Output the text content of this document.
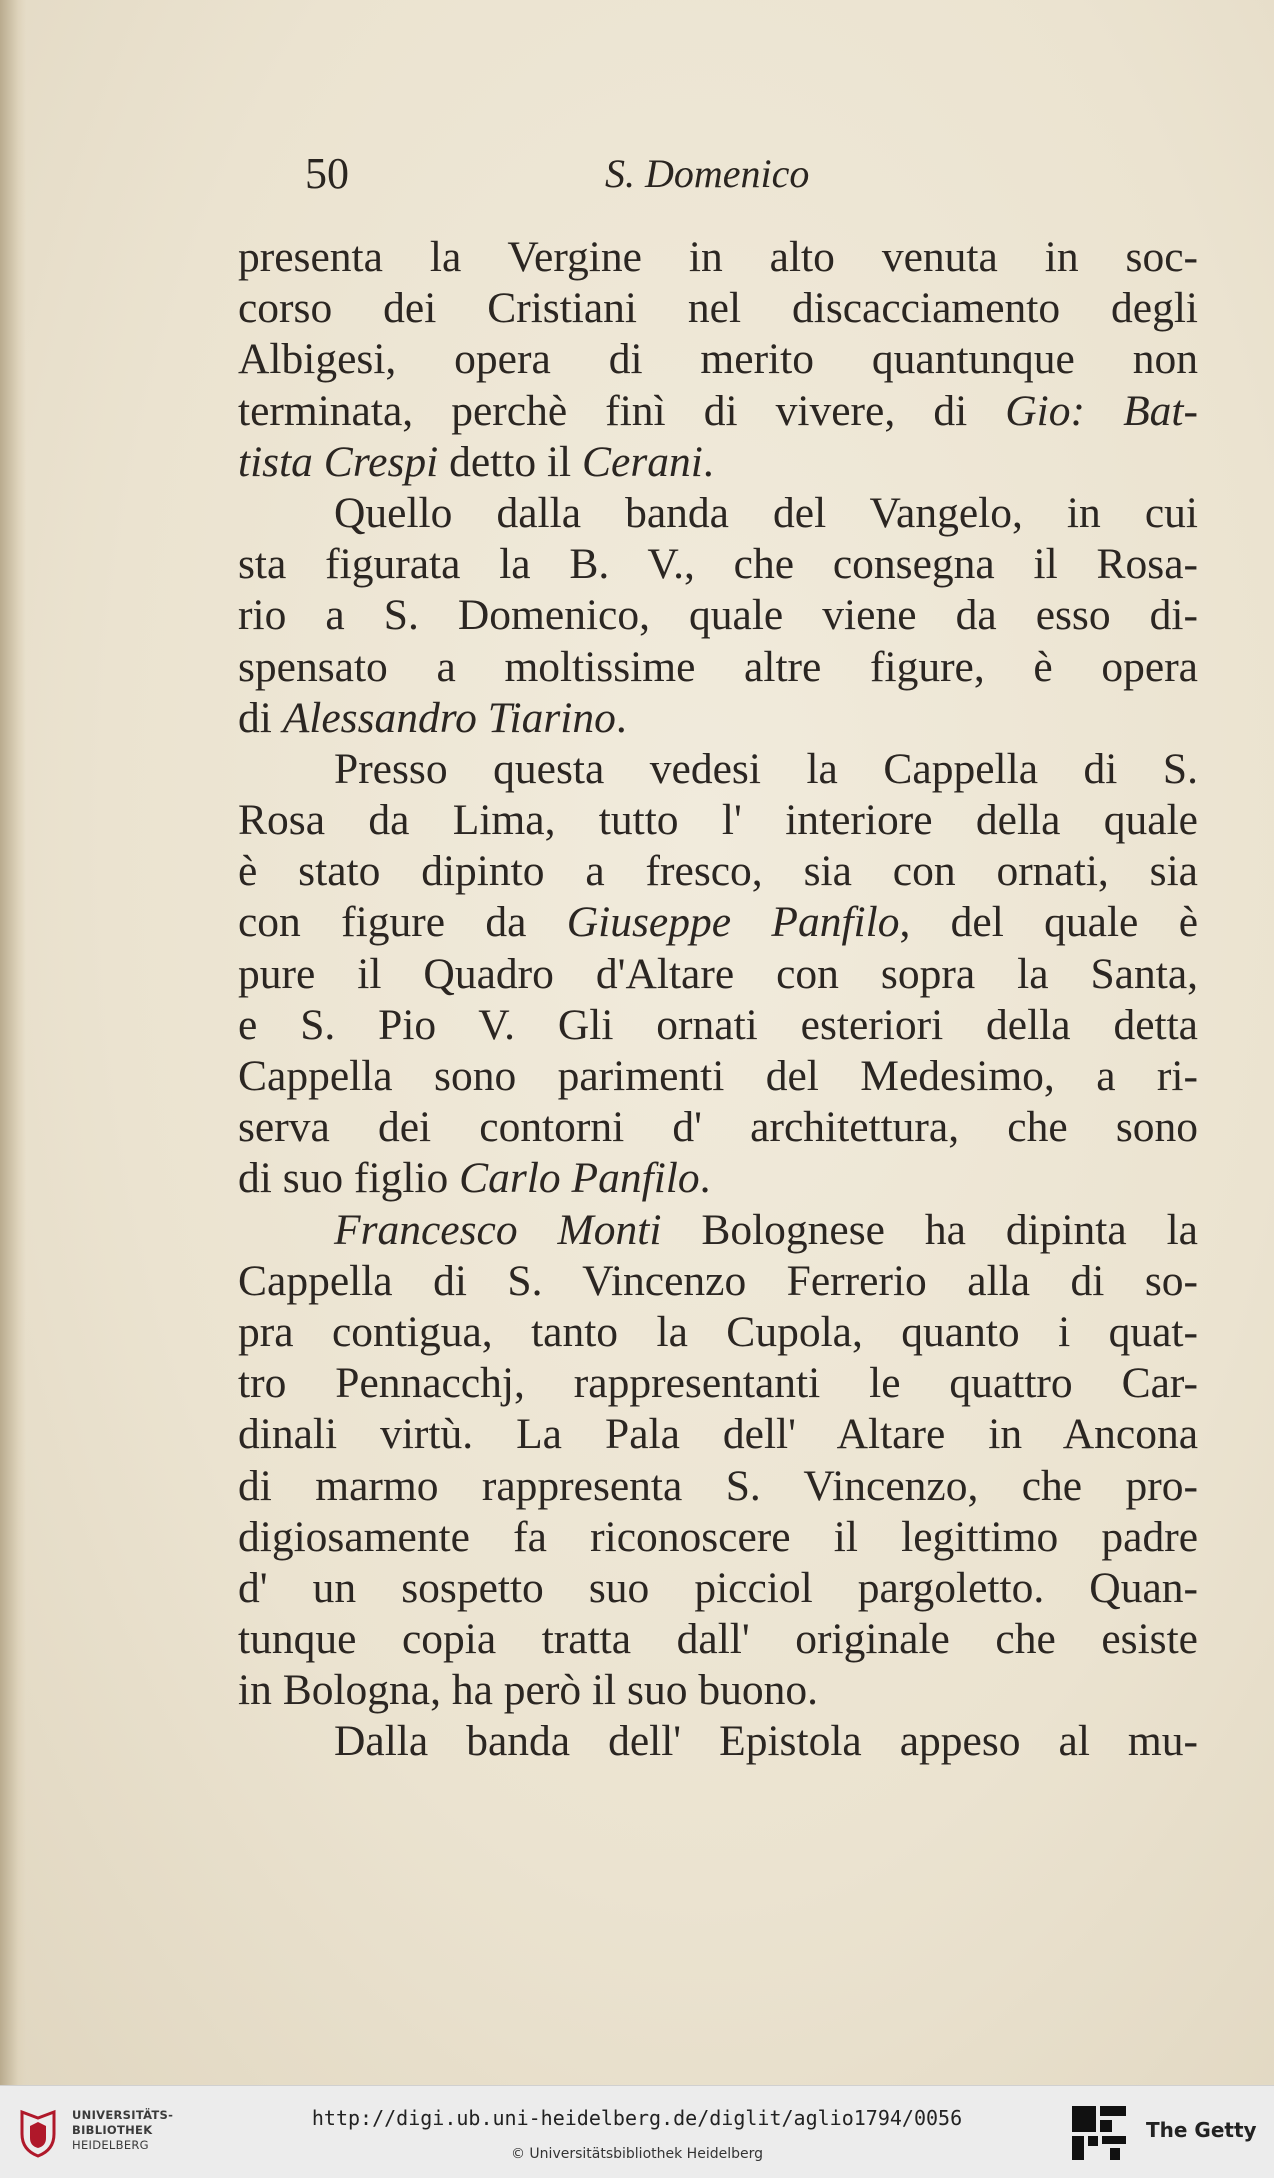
50	S. Domenico
presenta la Vergine in alto venuta in soc-
corso dei Cristiani nel discacciamento degli
Albigesi, opera di merito quantunque non
terminata, perchè finì di vivere, di Gio: Bat-
tista Crespi detto il Cerani.
Quello dalla banda del Vangelo, in cui
sta figurata la B. V., che consegna il Rosa-
rio a S. Domenico, quale viene da esso di-
spensato a moltissime altre figure, è opera
di Alessandro Tiarino.
Presso questa vedesi la Cappella di S.
Rosa da Lima, tutto l' interiore della quale
è stato dipinto a fresco, sia con ornati, sia
con figure da Giuseppe Panfilo, del quale è
pure il Quadro d'Altare con sopra la Santa,
e S. Pio V. Gli ornati esteriori della detta
Cappella sono parimenti del Medesimo, a ri-
serva dei contorni d' architettura, che sono
di suo figlio Carlo Panfilo.
Francesco Monti Bolognese ha dipinta la
Cappella di S. Vincenzo Ferrerio alla di so-
pra contigua, tanto la Cupola, quanto i quat-
tro Pennacchj, rappresentanti le quattro Car-
dinali virtù. La Pala dell' Altare in Ancona
di marmo rappresenta S. Vincenzo, che pro-
digiosamente fa riconoscere il legittimo padre
d' un sospetto suo picciol pargoletto. Quan-
tunque copia tratta dall' originale che esiste
in Bologna, ha però il suo buono.
Dalla banda dell' Epistola appeso al mu-
UNIVERSITÄTS-
BIBLIOTHEK
HEIDELBERG
http://digi.ub.uni-heidelberg.de/diglit/aglio1794/0056
© Universitätsbibliothek Heidelberg
The Getty
